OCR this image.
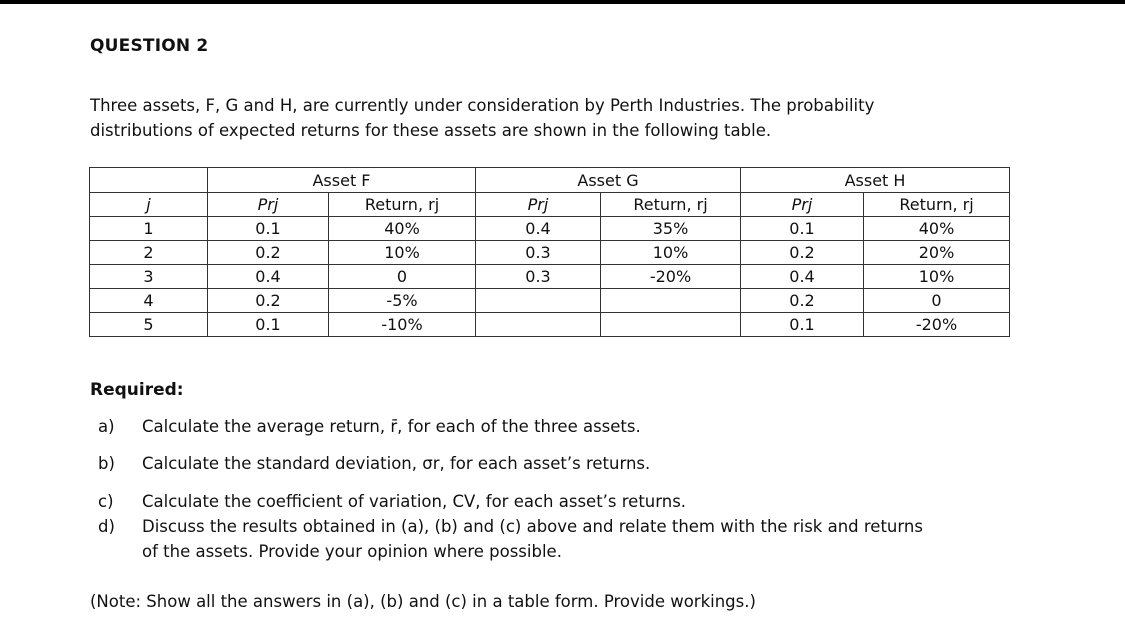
QUESTION 2
Three assets, F, G and H, are currently under consideration by Perth Industries. The probability
distributions of expected returns for these assets are shown in the following table.
	Asset F		Asset G		Asset H	
j	Prj	Return, rj	Prj	Return, rj	Prj	Return, rj
1	0.1	40%	0.4	35%	0.1	40%
2	0.2	10%	0.3	10%	0.2	20%
3	0.4	0	0.3	-20%	0.4	10%
4	0.2	-5%			0.2	0
5	0.1	-10%			0.1	-20%
Required:
a) Calculate the average return, r̄, for each of the three assets.
b) Calculate the standard deviation, σr, for each asset’s returns.
c) Calculate the coefficient of variation, CV, for each asset’s returns.
d) Discuss the results obtained in (a), (b) and (c) above and relate them with the risk and returns
of the assets. Provide your opinion where possible.
(Note: Show all the answers in (a), (b) and (c) in a table form. Provide workings.)
